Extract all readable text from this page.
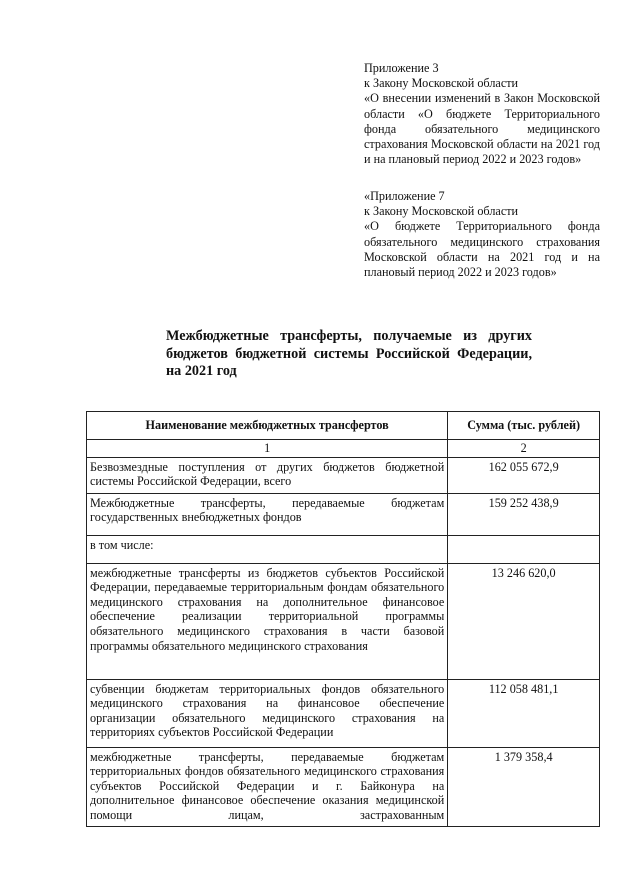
Приложение 3

к Закону Московской области

«О внесении изменений в Закон Московской области «О бюджете Территориального фонда обязательного медицинского страхования Московской области на 2021 год и на плановый период 2022 и 2023 годов»

«Приложение 7

к Закону Московской области

«О бюджете Территориального фонда обязательного медицинского страхования Московской области на 2021 год и на плановый период 2022 и 2023 годов»

Межбюджетные трансферты, получаемые из других бюджетов бюджетной системы Российской Федерации, на 2021 год
Наименование межбюджетных трансфертов	Сумма (тыс. рублей)
1	2
Безвозмездные поступления от других бюджетов бюджетной системы Российской Федерации, всего	162 055 672,9
Межбюджетные трансферты, передаваемые бюджетам государственных внебюджетных фондов	159 252 438,9
в том числе:	
межбюджетные трансферты из бюджетов субъектов Российской Федерации, передаваемые территориальным фондам обязательного медицинского страхования на дополнительное финансовое обеспечение реализации территориальной программы обязательного медицинского страхования в части базовой программы обязательного медицинского страхования	13 246 620,0
субвенции бюджетам территориальных фондов обязательного медицинского страхования на финансовое обеспечение организации обязательного медицинского страхования на территориях субъектов Российской Федерации	112 058 481,1
межбюджетные трансферты, передаваемые бюджетам территориальных фондов обязательного медицинского страхования субъектов Российской Федерации и г. Байконура на дополнительное финансовое обеспечение оказания медицинской помощи лицам, застрахованным	1 379 358,4
